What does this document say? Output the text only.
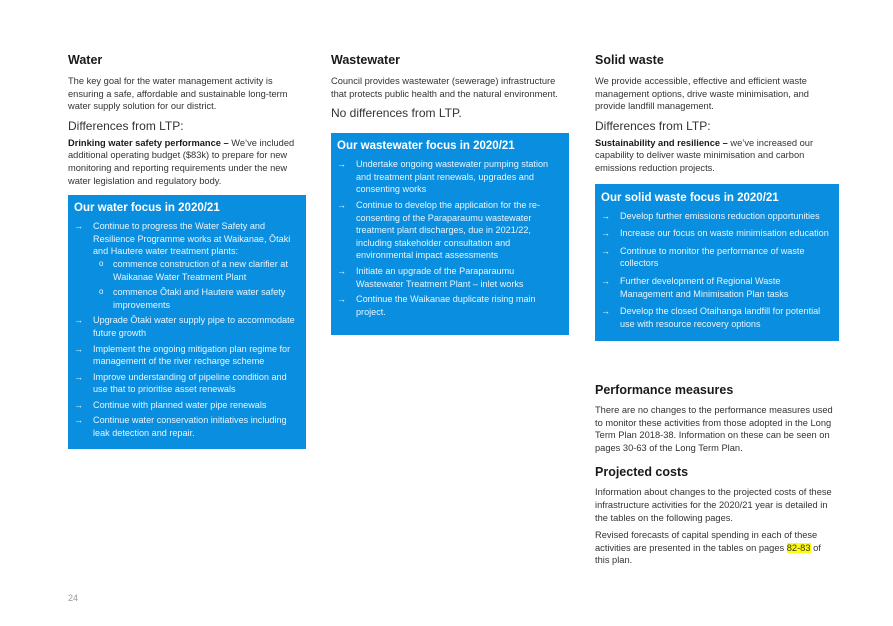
Water

The key goal for the water management activity is ensuring a safe, affordable and sustainable long-term water supply solution for our district.

Differences from LTP:

Drinking water safety performance – We’ve included additional operating budget ($83k) to prepare for new monitoring and reporting requirements under the new water legislation and regulatory body.

Our water focus in 2020/21
→ Continue to progress the Water Safety and Resilience Programme works at Waikanae, Ōtaki and Hautere water treatment plants:
o commence construction of a new clarifier at Waikanae Water Treatment Plant
o commence Ōtaki and Hautere water safety improvements
→ Upgrade Ōtaki water supply pipe to accommodate future growth
→ Implement the ongoing mitigation plan regime for management of the river recharge scheme
→ Improve understanding of pipeline condition and use that to prioritise asset renewals
→ Continue with planned water pipe renewals
→ Continue water conservation initiatives including leak detection and repair.
Wastewater

Council provides wastewater (sewerage) infrastructure that protects public health and the natural environment.

No differences from LTP.
Our wastewater focus in 2020/21
→ Undertake ongoing wastewater pumping station and treatment plant renewals, upgrades and consenting works
→ Continue to develop the application for the re-consenting of the Paraparaumu wastewater treatment plant discharges, due in 2021/22, including stakeholder consultation and environmental impact assessments
→ Initiate an upgrade of the Paraparaumu Wastewater Treatment Plant – inlet works
→ Continue the Waikanae duplicate rising main project.
Solid waste

We provide accessible, effective and efficient waste management options, drive waste minimisation, and provide landfill management.

Differences from LTP:

Sustainability and resilience – we’ve increased our capability to deliver waste minimisation and carbon emissions reduction projects.

Our solid waste focus in 2020/21
→ Develop further emissions reduction opportunities
→ Increase our focus on waste minimisation education
→ Continue to monitor the performance of waste collectors
→ Further development of Regional Waste Management and Minimisation Plan tasks
→ Develop the closed Otaihanga landfill for potential use with resource recovery options
Performance measures

There are no changes to the performance measures used to monitor these activities from those adopted in the Long Term Plan 2018-38. Information on these can be seen on pages 30-63 of the Long Term Plan.

Projected costs

Information about changes to the projected costs of these infrastructure activities for the 2020/21 year is detailed in the tables on the following pages.

Revised forecasts of capital spending in each of these activities are presented in the tables on pages 82-83 of this plan.

24
